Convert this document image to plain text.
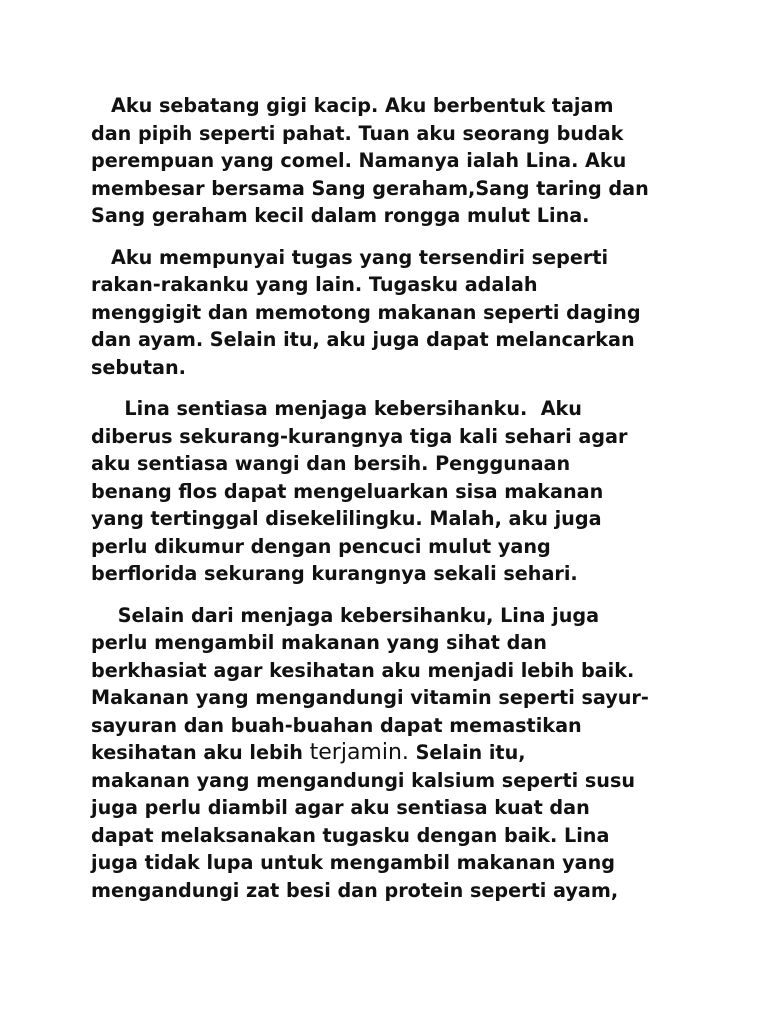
Aku sebatang gigi kacip. Aku berbentuk tajam
dan pipih seperti pahat. Tuan aku seorang budak
perempuan yang comel. Namanya ialah Lina. Aku
membesar bersama Sang geraham,Sang taring dan
Sang geraham kecil dalam rongga mulut Lina.

Aku mempunyai tugas yang tersendiri seperti
rakan-rakanku yang lain. Tugasku adalah
menggigit dan memotong makanan seperti daging
dan ayam. Selain itu, aku juga dapat melancarkan
sebutan.

Lina sentiasa menjaga kebersihanku.  Aku
diberus sekurang-kurangnya tiga kali sehari agar
aku sentiasa wangi dan bersih. Penggunaan
benang flos dapat mengeluarkan sisa makanan
yang tertinggal disekelilingku. Malah, aku juga
perlu dikumur dengan pencuci mulut yang
berflorida sekurang kurangnya sekali sehari.

Selain dari menjaga kebersihanku, Lina juga
perlu mengambil makanan yang sihat dan
berkhasiat agar kesihatan aku menjadi lebih baik.
Makanan yang mengandungi vitamin seperti sayur-
sayuran dan buah-buahan dapat memastikan
kesihatan aku lebih terjamin. Selain itu,
makanan yang mengandungi kalsium seperti susu
juga perlu diambil agar aku sentiasa kuat dan
dapat melaksanakan tugasku dengan baik. Lina
juga tidak lupa untuk mengambil makanan yang
mengandungi zat besi dan protein seperti ayam,
